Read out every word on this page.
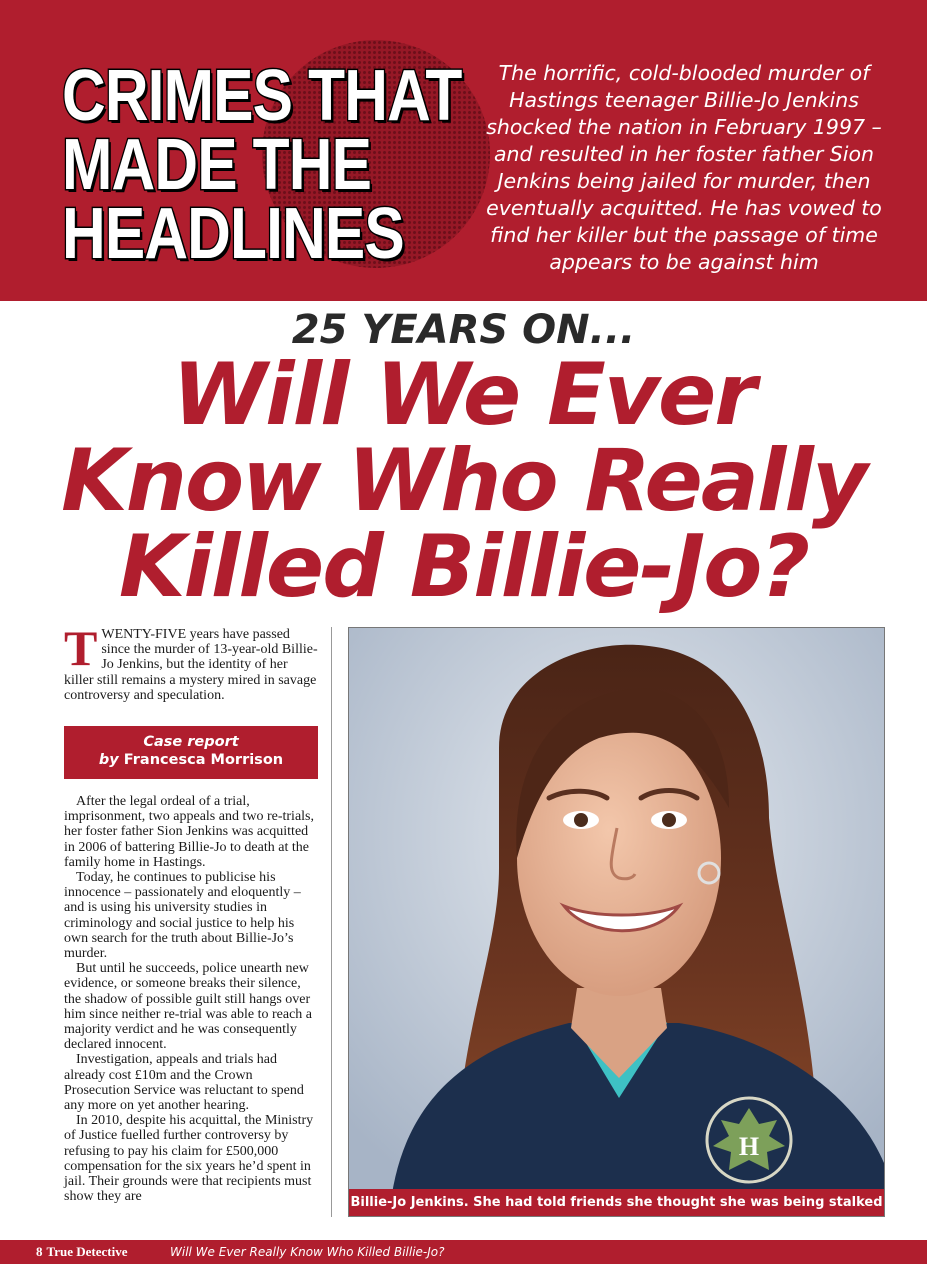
CRIMES THAT
MADE THE
HEADLINES

The horrific, cold-blooded murder of Hastings teenager Billie-Jo Jenkins shocked the nation in February 1997 – and resulted in her foster father Sion Jenkins being jailed for murder, then eventually acquitted. He has vowed to find her killer but the passage of time appears to be against him

25 YEARS ON...
Will We Ever
Know Who Really
Killed Billie-Jo?

TWENTY-FIVE years have passed since the murder of 13-year-old Billie-Jo Jenkins, but the identity of her killer still remains a mystery mired in savage controversy and speculation.

Case report
by Francesca Morrison

After the legal ordeal of a trial, imprisonment, two appeals and two re-trials, her foster father Sion Jenkins was acquitted in 2006 of battering Billie-Jo to death at the family home in Hastings.

Today, he continues to publicise his innocence – passionately and eloquently – and is using his university studies in criminology and social justice to help his own search for the truth about Billie-Jo’s murder.

But until he succeeds, police unearth new evidence, or someone breaks their silence, the shadow of possible guilt still hangs over him since neither re-trial was able to reach a majority verdict and he was consequently declared innocent.

Investigation, appeals and trials had already cost £10m and the Crown Prosecution Service was reluctant to spend any more on yet another hearing.

In 2010, despite his acquittal, the Ministry of Justice fuelled further controversy by refusing to pay his claim for £500,000 compensation for the six years he’d spent in jail. Their grounds were that recipients must show they are

H
Billie-Jo Jenkins. She had told friends she thought she was being stalked
8 True Detective	Will We Ever Really Know Who Killed Billie-Jo?
